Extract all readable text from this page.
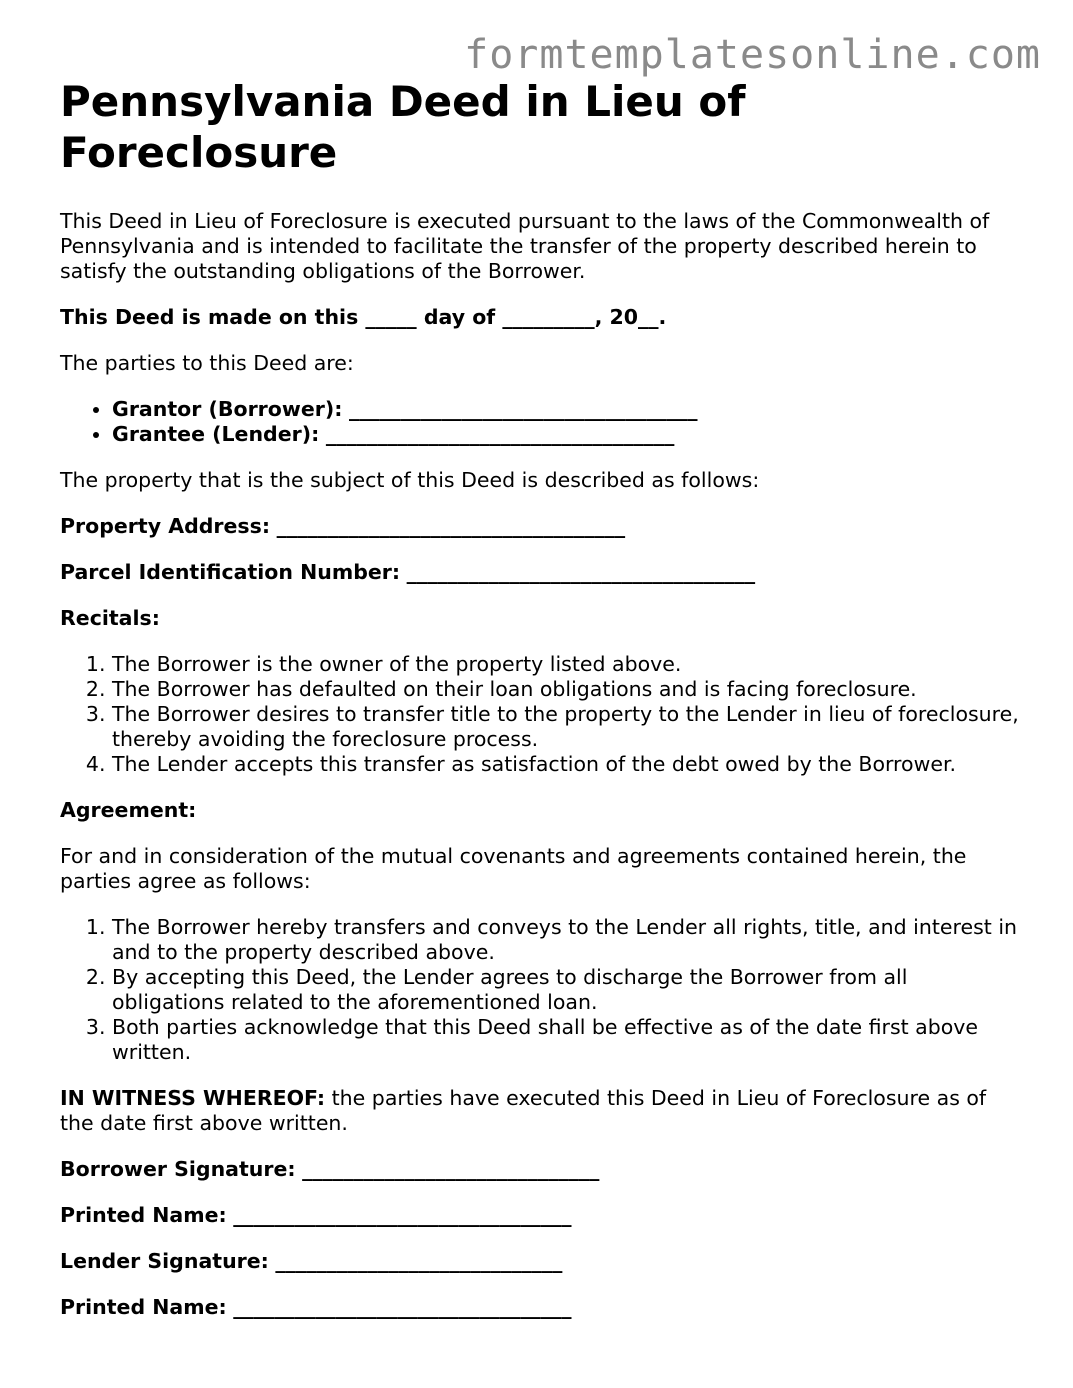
formtemplatesonline.com
Pennsylvania Deed in Lieu of Foreclosure

This Deed in Lieu of Foreclosure is executed pursuant to the laws of the Commonwealth of Pennsylvania and is intended to facilitate the transfer of the property described herein to satisfy the outstanding obligations of the Borrower.

This Deed is made on this _____ day of _________, 20__.

The parties to this Deed are:

• Grantor (Borrower): __________________________________
• Grantee (Lender): __________________________________

The property that is the subject of this Deed is described as follows:

Property Address: __________________________________

Parcel Identification Number: __________________________________

Recitals:

1. The Borrower is the owner of the property listed above.
2. The Borrower has defaulted on their loan obligations and is facing foreclosure.
3. The Borrower desires to transfer title to the property to the Lender in lieu of foreclosure, thereby avoiding the foreclosure process.
4. The Lender accepts this transfer as satisfaction of the debt owed by the Borrower.

Agreement:

For and in consideration of the mutual covenants and agreements contained herein, the parties agree as follows:

1. The Borrower hereby transfers and conveys to the Lender all rights, title, and interest in and to the property described above.
2. By accepting this Deed, the Lender agrees to discharge the Borrower from all obligations related to the aforementioned loan.
3. Both parties acknowledge that this Deed shall be effective as of the date first above written.

IN WITNESS WHEREOF: the parties have executed this Deed in Lieu of Foreclosure as of the date first above written.

Borrower Signature: _____________________________

Printed Name: _________________________________

Lender Signature: ____________________________

Printed Name: _________________________________
